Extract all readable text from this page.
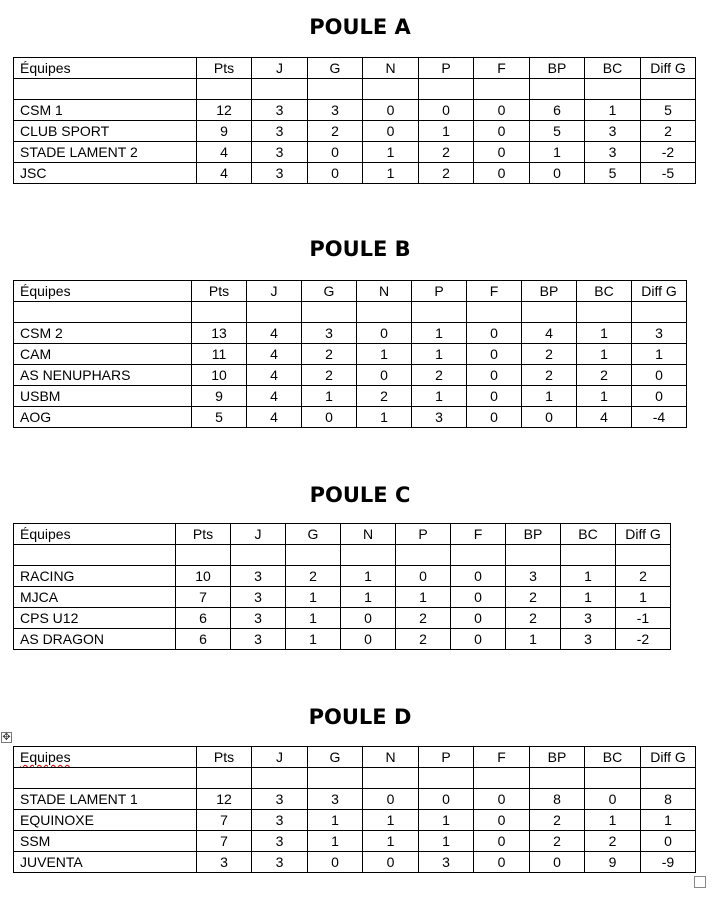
POULE A
Équipes	Pts	J	G	N	P	F	BP	BC	Diff G

CSM 1	12	3	3	0	0	0	6	1	5
CLUB SPORT	9	3	2	0	1	0	5	3	2
STADE LAMENT 2	4	3	0	1	2	0	1	3	-2
JSC	4	3	0	1	2	0	0	5	-5
POULE B
Équipes	Pts	J	G	N	P	F	BP	BC	Diff G

CSM 2	13	4	3	0	1	0	4	1	3
CAM	11	4	2	1	1	0	2	1	1
AS NENUPHARS	10	4	2	0	2	0	2	2	0
USBM	9	4	1	2	1	0	1	1	0
AOG	5	4	0	1	3	0	0	4	-4
POULE C
Équipes	Pts	J	G	N	P	F	BP	BC	Diff G

RACING	10	3	2	1	0	0	3	1	2
MJCA	7	3	1	1	1	0	2	1	1
CPS U12	6	3	1	0	2	0	2	3	-1
AS DRAGON	6	3	1	0	2	0	1	3	-2
POULE D
✥
Equipes	Pts	J	G	N	P	F	BP	BC	Diff G

STADE LAMENT 1	12	3	3	0	0	0	8	0	8
EQUINOXE	7	3	1	1	1	0	2	1	1
SSM	7	3	1	1	1	0	2	2	0
JUVENTA	3	3	0	0	3	0	0	9	-9
